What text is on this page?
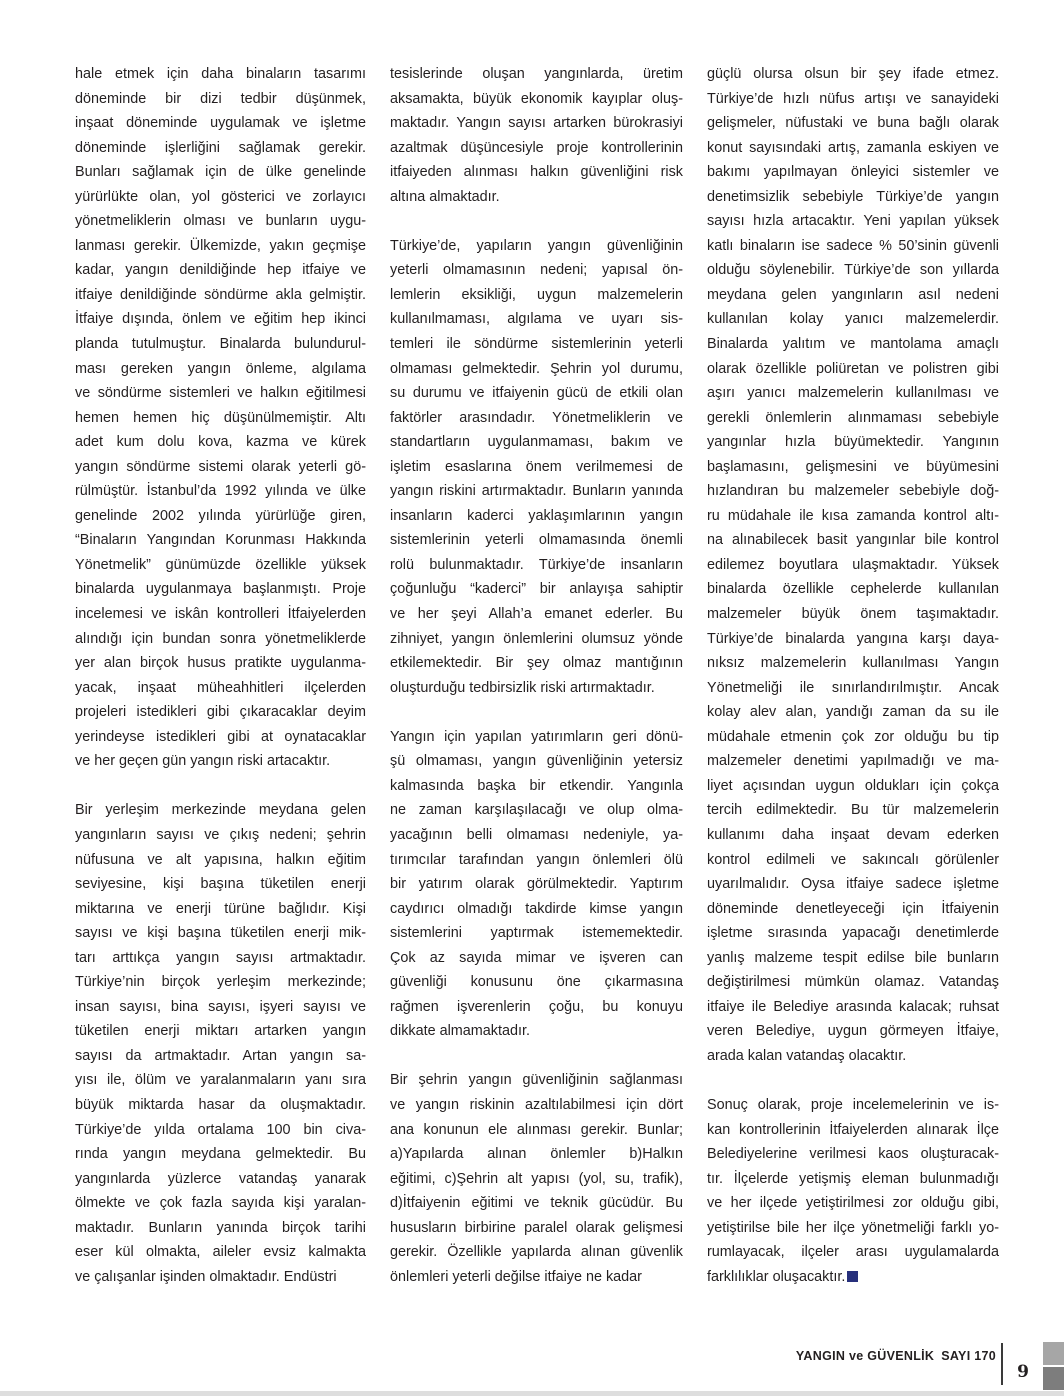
hale etmek için daha binaların tasarımı
döneminde bir dizi tedbir düşünmek,
inşaat döneminde uygulamak ve işletme
döneminde işlerliğini sağlamak gerekir.
Bunları sağlamak için de ülke genelinde
yürürlükte olan, yol gösterici ve zorlayıcı
yönetmeliklerin olması ve bunların uygu-
lanması gerekir. Ülkemizde, yakın geçmişe
kadar, yangın denildiğinde hep itfaiye ve
itfaiye denildiğinde söndürme akla gelmiştir.
İtfaiye dışında, önlem ve eğitim hep ikinci
planda tutulmuştur. Binalarda bulundurul-
ması gereken yangın önleme, algılama
ve söndürme sistemleri ve halkın eğitilmesi
hemen hemen hiç düşünülmemiştir. Altı
adet kum dolu kova, kazma ve kürek
yangın söndürme sistemi olarak yeterli gö-
rülmüştür. İstanbul’da 1992 yılında ve ülke
genelinde 2002 yılında yürürlüğe giren,
“Binaların Yangından Korunması Hakkında
Yönetmelik” günümüzde özellikle yüksek
binalarda uygulanmaya başlanmıştı. Proje
incelemesi ve iskân kontrolleri İtfaiyelerden
alındığı için bundan sonra yönetmeliklerde
yer alan birçok husus pratikte uygulanma-
yacak, inşaat müheahhitleri ilçelerden
projeleri istedikleri gibi çıkaracaklar deyim
yerindeyse istedikleri gibi at oynatacaklar
ve her geçen gün yangın riski artacaktır.
Bir yerleşim merkezinde meydana gelen
yangınların sayısı ve çıkış nedeni; şehrin
nüfusuna ve alt yapısına, halkın eğitim
seviyesine, kişi başına tüketilen enerji
miktarına ve enerji türüne bağlıdır. Kişi
sayısı ve kişi başına tüketilen enerji mik-
tarı arttıkça yangın sayısı artmaktadır.
Türkiye’nin birçok yerleşim merkezinde;
insan sayısı, bina sayısı, işyeri sayısı ve
tüketilen enerji miktarı artarken yangın
sayısı da artmaktadır. Artan yangın sa-
yısı ile, ölüm ve yaralanmaların yanı sıra
büyük miktarda hasar da oluşmaktadır.
Türkiye’de yılda ortalama 100 bin civa-
rında yangın meydana gelmektedir. Bu
yangınlarda yüzlerce vatandaş yanarak
ölmekte ve çok fazla sayıda kişi yaralan-
maktadır. Bunların yanında birçok tarihi
eser kül olmakta, aileler evsiz kalmakta
ve çalışanlar işinden olmaktadır. Endüstri
tesislerinde oluşan yangınlarda, üretim
aksamakta, büyük ekonomik kayıplar oluş-
maktadır. Yangın sayısı artarken bürokrasiyi
azaltmak düşüncesiyle proje kontrollerinin
itfaiyeden alınması halkın güvenliğini risk
altına almaktadır.
Türkiye’de, yapıların yangın güvenliğinin
yeterli olmamasının nedeni; yapısal ön-
lemlerin eksikliği, uygun malzemelerin
kullanılmaması, algılama ve uyarı sis-
temleri ile söndürme sistemlerinin yeterli
olmaması gelmektedir. Şehrin yol durumu,
su durumu ve itfaiyenin gücü de etkili olan
faktörler arasındadır. Yönetmeliklerin ve
standartların uygulanmaması, bakım ve
işletim esaslarına önem verilmemesi de
yangın riskini artırmaktadır. Bunların yanında
insanların kaderci yaklaşımlarının yangın
sistemlerinin yeterli olmamasında önemli
rolü bulunmaktadır. Türkiye’de insanların
çoğunluğu “kaderci” bir anlayışa sahiptir
ve her şeyi Allah’a emanet ederler. Bu
zihniyet, yangın önlemlerini olumsuz yönde
etkilemektedir. Bir şey olmaz mantığının
oluşturduğu tedbirsizlik riski artırmaktadır.
Yangın için yapılan yatırımların geri dönü-
şü olmaması, yangın güvenliğinin yetersiz
kalmasında başka bir etkendir. Yangınla
ne zaman karşılaşılacağı ve olup olma-
yacağının belli olmaması nedeniyle, ya-
tırımcılar tarafından yangın önlemleri ölü
bir yatırım olarak görülmektedir. Yaptırım
caydırıcı olmadığı takdirde kimse yangın
sistemlerini yaptırmak istememektedir.
Çok az sayıda mimar ve işveren can
güvenliği konusunu öne çıkarmasına
rağmen işverenlerin çoğu, bu konuyu
dikkate almamaktadır.
Bir şehrin yangın güvenliğinin sağlanması
ve yangın riskinin azaltılabilmesi için dört
ana konunun ele alınması gerekir. Bunlar;
a)Yapılarda alınan önlemler b)Halkın
eğitimi, c)Şehrin alt yapısı (yol, su, trafik),
d)İtfaiyenin eğitimi ve teknik gücüdür. Bu
hususların birbirine paralel olarak gelişmesi
gerekir. Özellikle yapılarda alınan güvenlik
önlemleri yeterli değilse itfaiye ne kadar
güçlü olursa olsun bir şey ifade etmez.
Türkiye’de hızlı nüfus artışı ve sanayideki
gelişmeler, nüfustaki ve buna bağlı olarak
konut sayısındaki artış, zamanla eskiyen ve
bakımı yapılmayan önleyici sistemler ve
denetimsizlik sebebiyle Türkiye’de yangın
sayısı hızla artacaktır. Yeni yapılan yüksek
katlı binaların ise sadece % 50’sinin güvenli
olduğu söylenebilir. Türkiye’de son yıllarda
meydana gelen yangınların asıl nedeni
kullanılan kolay yanıcı malzemelerdir.
Binalarda yalıtım ve mantolama amaçlı
olarak özellikle poliüretan ve polistren gibi
aşırı yanıcı malzemelerin kullanılması ve
gerekli önlemlerin alınmaması sebebiyle
yangınlar hızla büyümektedir. Yangının
başlamasını, gelişmesini ve büyümesini
hızlandıran bu malzemeler sebebiyle doğ-
ru müdahale ile kısa zamanda kontrol altı-
na alınabilecek basit yangınlar bile kontrol
edilemez boyutlara ulaşmaktadır. Yüksek
binalarda özellikle cephelerde kullanılan
malzemeler büyük önem taşımaktadır.
Türkiye’de binalarda yangına karşı daya-
nıksız malzemelerin kullanılması Yangın
Yönetmeliği ile sınırlandırılmıştır. Ancak
kolay alev alan, yandığı zaman da su ile
müdahale etmenin çok zor olduğu bu tip
malzemeler denetimi yapılmadığı ve ma-
liyet açısından uygun oldukları için çokça
tercih edilmektedir. Bu tür malzemelerin
kullanımı daha inşaat devam ederken
kontrol edilmeli ve sakıncalı görülenler
uyarılmalıdır. Oysa itfaiye sadece işletme
döneminde denetleyeceği için İtfaiyenin
işletme sırasında yapacağı denetimlerde
yanlış malzeme tespit edilse bile bunların
değiştirilmesi mümkün olamaz. Vatandaş
itfaiye ile Belediye arasında kalacak; ruhsat
veren Belediye, uygun görmeyen İtfaiye,
arada kalan vatandaş olacaktır.
Sonuç olarak, proje incelemelerinin ve is-
kan kontrollerinin İtfaiyelerden alınarak İlçe
Belediyelerine verilmesi kaos oluşturacak-
tır. İlçelerde yetişmiş eleman bulunmadığı
ve her ilçede yetiştirilmesi zor olduğu gibi,
yetiştirilse bile her ilçe yönetmeliği farklı yo-
rumlayacak, ilçeler arası uygulamalarda
farklılıklar oluşacaktır.
YANGIN ve GÜVENLİK SAYI 170
9
